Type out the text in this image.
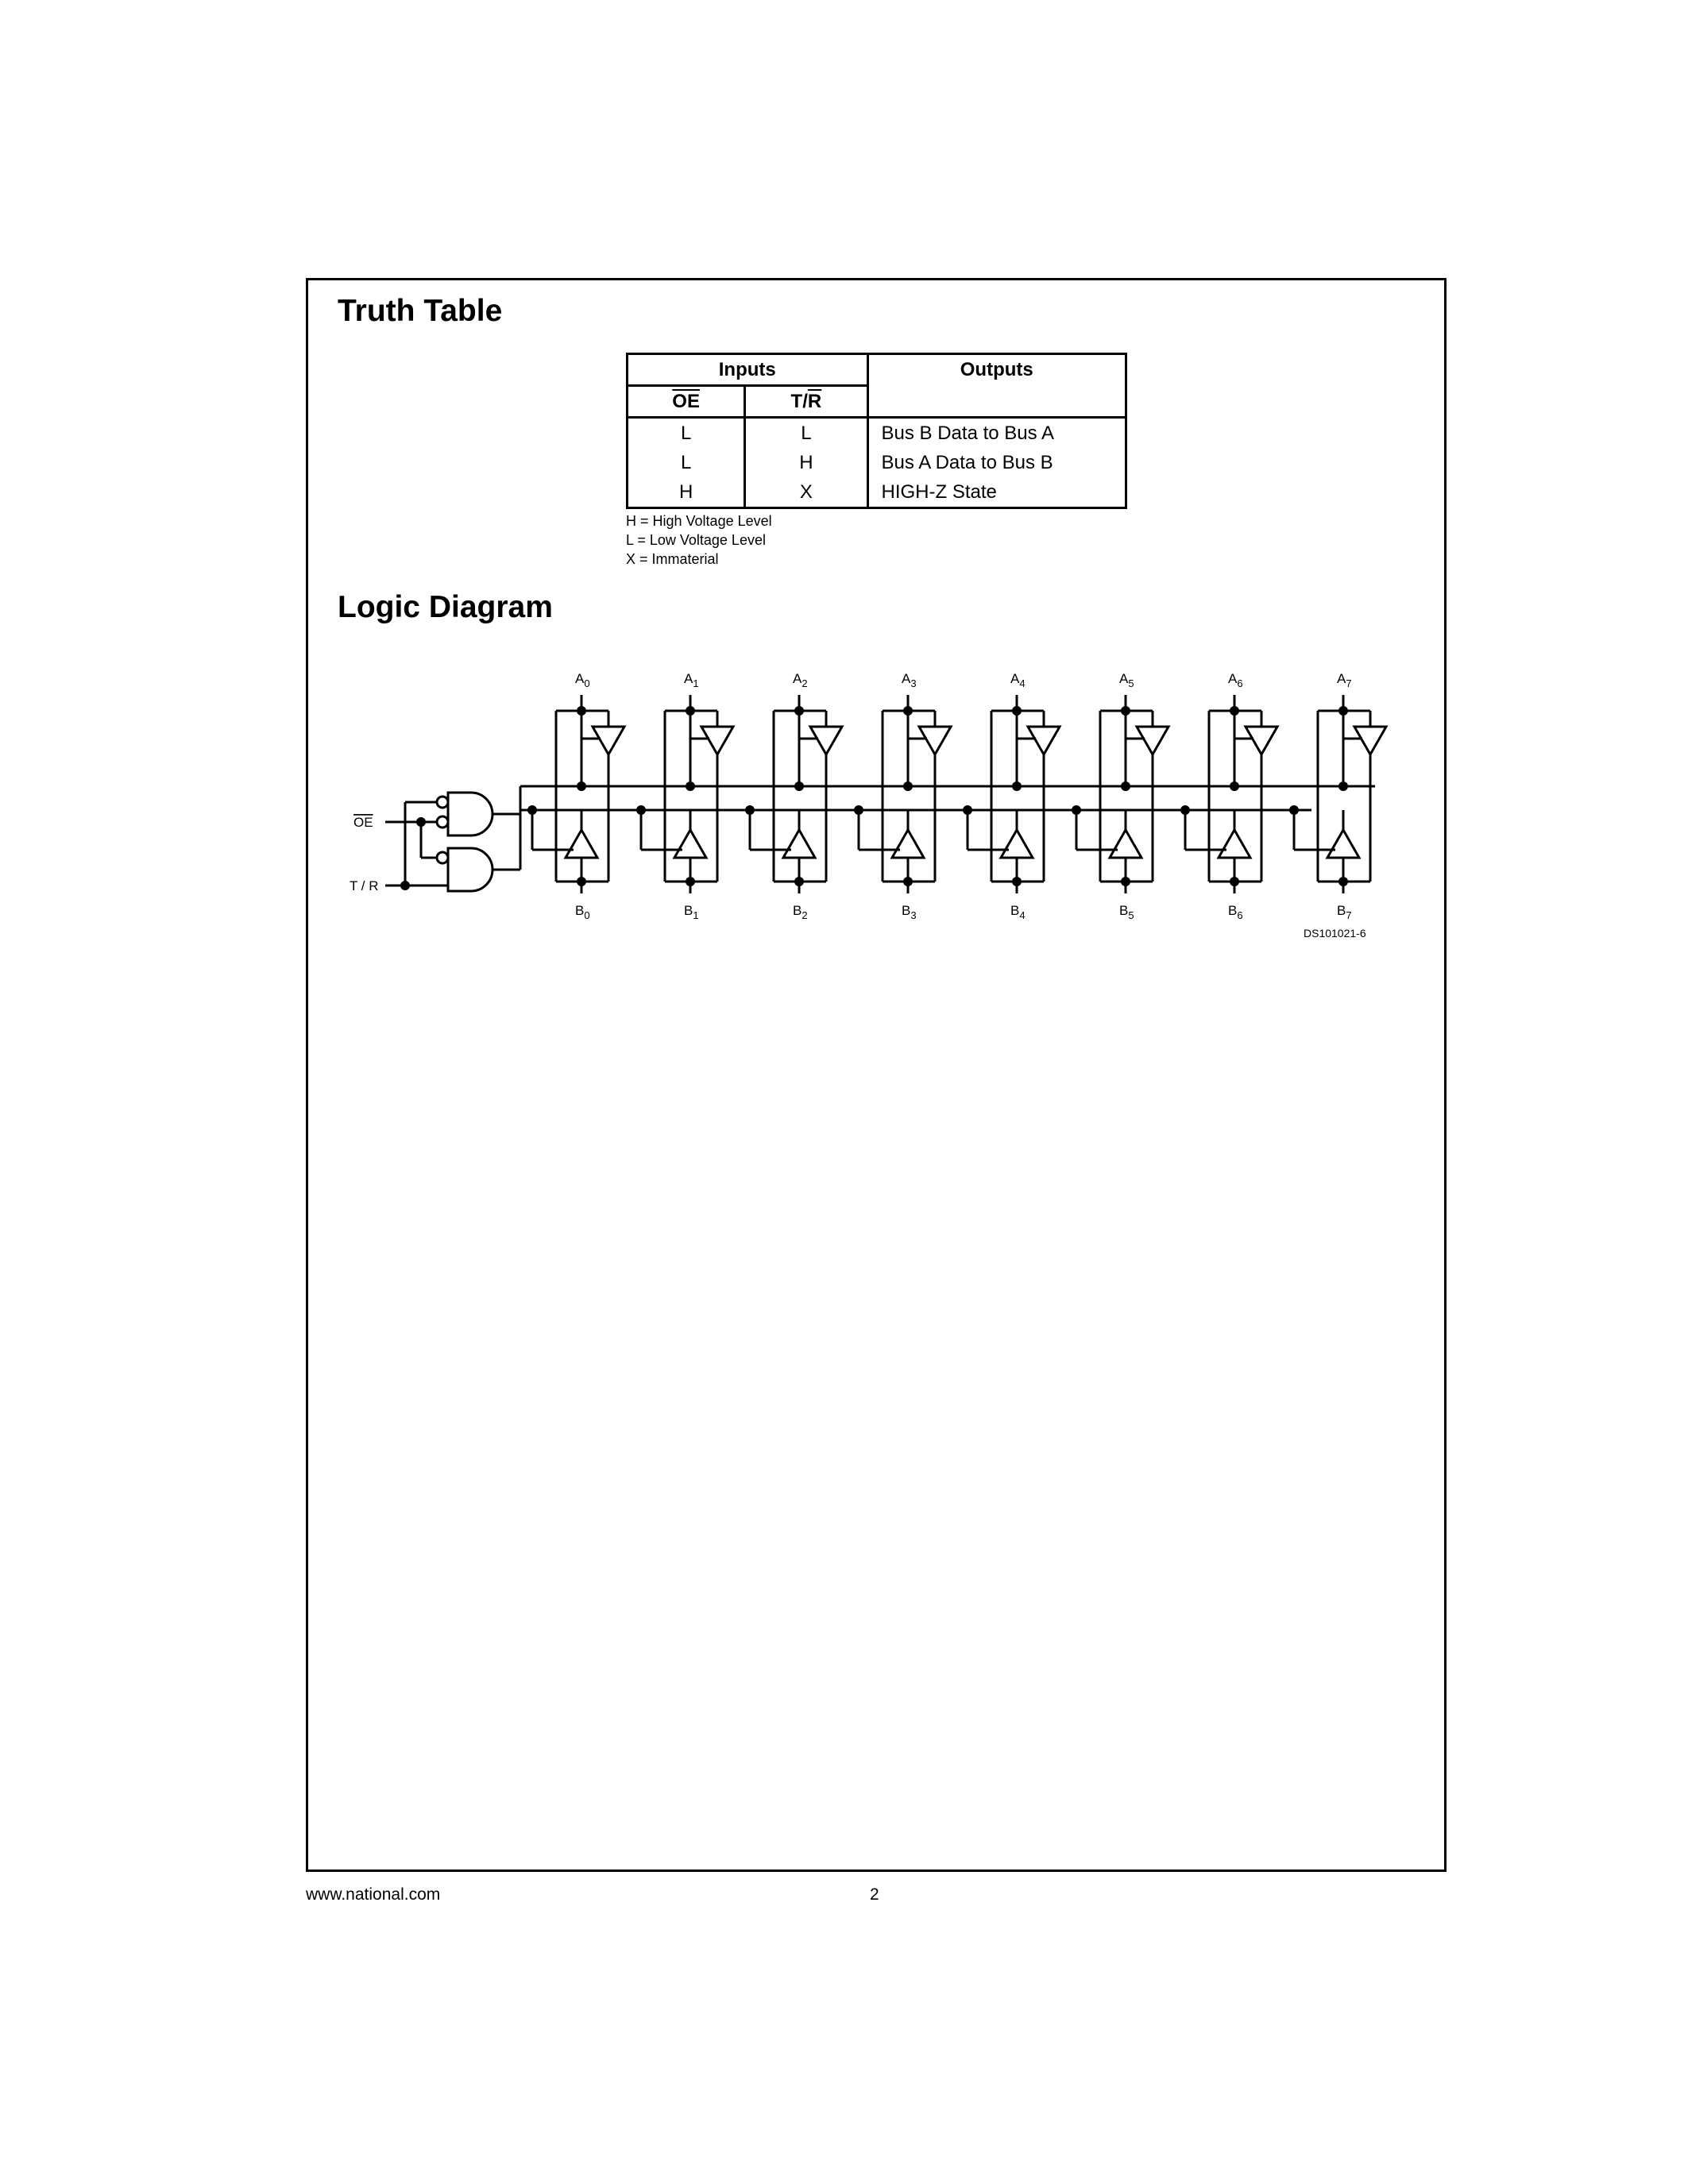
Truth Table
Inputs		Outputs
$\overline{OE}$	$T/\overline{R}$
L	L	Bus B Data to Bus A
L	H	Bus A Data to Bus B
H	X	HIGH-Z State
H = High Voltage Level
L = Low Voltage Level
X = Immaterial
Logic Diagram
$A_0$
$B_0$
$A_1$
$B_1$
$A_2$
$B_2$
$A_3$
$B_3$
$A_4$
$B_4$
$A_5$
$B_5$
$A_6$
$B_6$
$A_7$
$B_7$
OE
T / R
DS101021-6
www.national.com	2
